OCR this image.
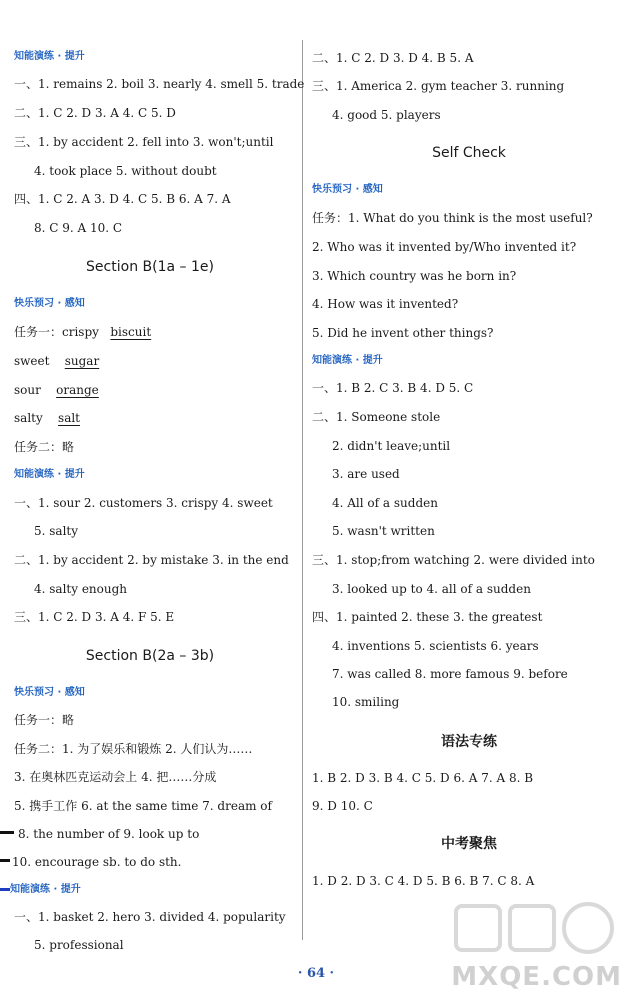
知能演练 · 提升
一、1. remains 2. boil 3. nearly 4. smell 5. trade
二、1. C 2. D 3. A 4. C 5. D
三、1. by accident 2. fell into 3. won't;until
4. took place 5. without doubt
四、1. C 2. A 3. D 4. C 5. B 6. A 7. A
8. C 9. A 10. C
Section B(1a – 1e)
快乐预习 · 感知
任务一：crispy biscuit
sweet sugar
sour orange
salty salt
任务二：略
知能演练 · 提升
一、1. sour 2. customers 3. crispy 4. sweet
5. salty
二、1. by accident 2. by mistake 3. in the end
4. salty enough
三、1. C 2. D 3. A 4. F 5. E
Section B(2a – 3b)
快乐预习 · 感知
任务一：略
任务二：1. 为了娱乐和锻炼 2. 人们认为……
3. 在奥林匹克运动会上 4. 把……分成
5. 携手工作 6. at the same time 7. dream of
8. the number of 9. look up to
10. encourage sb. to do sth.
知能演练 · 提升
一、1. basket 2. hero 3. divided 4. popularity
5. professional
二、1. C 2. D 3. D 4. B 5. A
三、1. America 2. gym teacher 3. running
4. good 5. players
Self Check
快乐预习 · 感知
任务：1. What do you think is the most useful?
2. Who was it invented by/Who invented it?
3. Which country was he born in?
4. How was it invented?
5. Did he invent other things?
知能演练 · 提升
一、1. B 2. C 3. B 4. D 5. C
二、1. Someone stole
2. didn't leave;until
3. are used
4. All of a sudden
5. wasn't written
三、1. stop;from watching 2. were divided into
3. looked up to 4. all of a sudden
四、1. painted 2. these 3. the greatest
4. inventions 5. scientists 6. years
7. was called 8. more famous 9. before
10. smiling
语法专练
1. B 2. D 3. B 4. C 5. D 6. A 7. A 8. B
9. D 10. C
中考聚焦
1. D 2. D 3. C 4. D 5. B 6. B 7. C 8. A
MXQE.COM
· 64 ·
